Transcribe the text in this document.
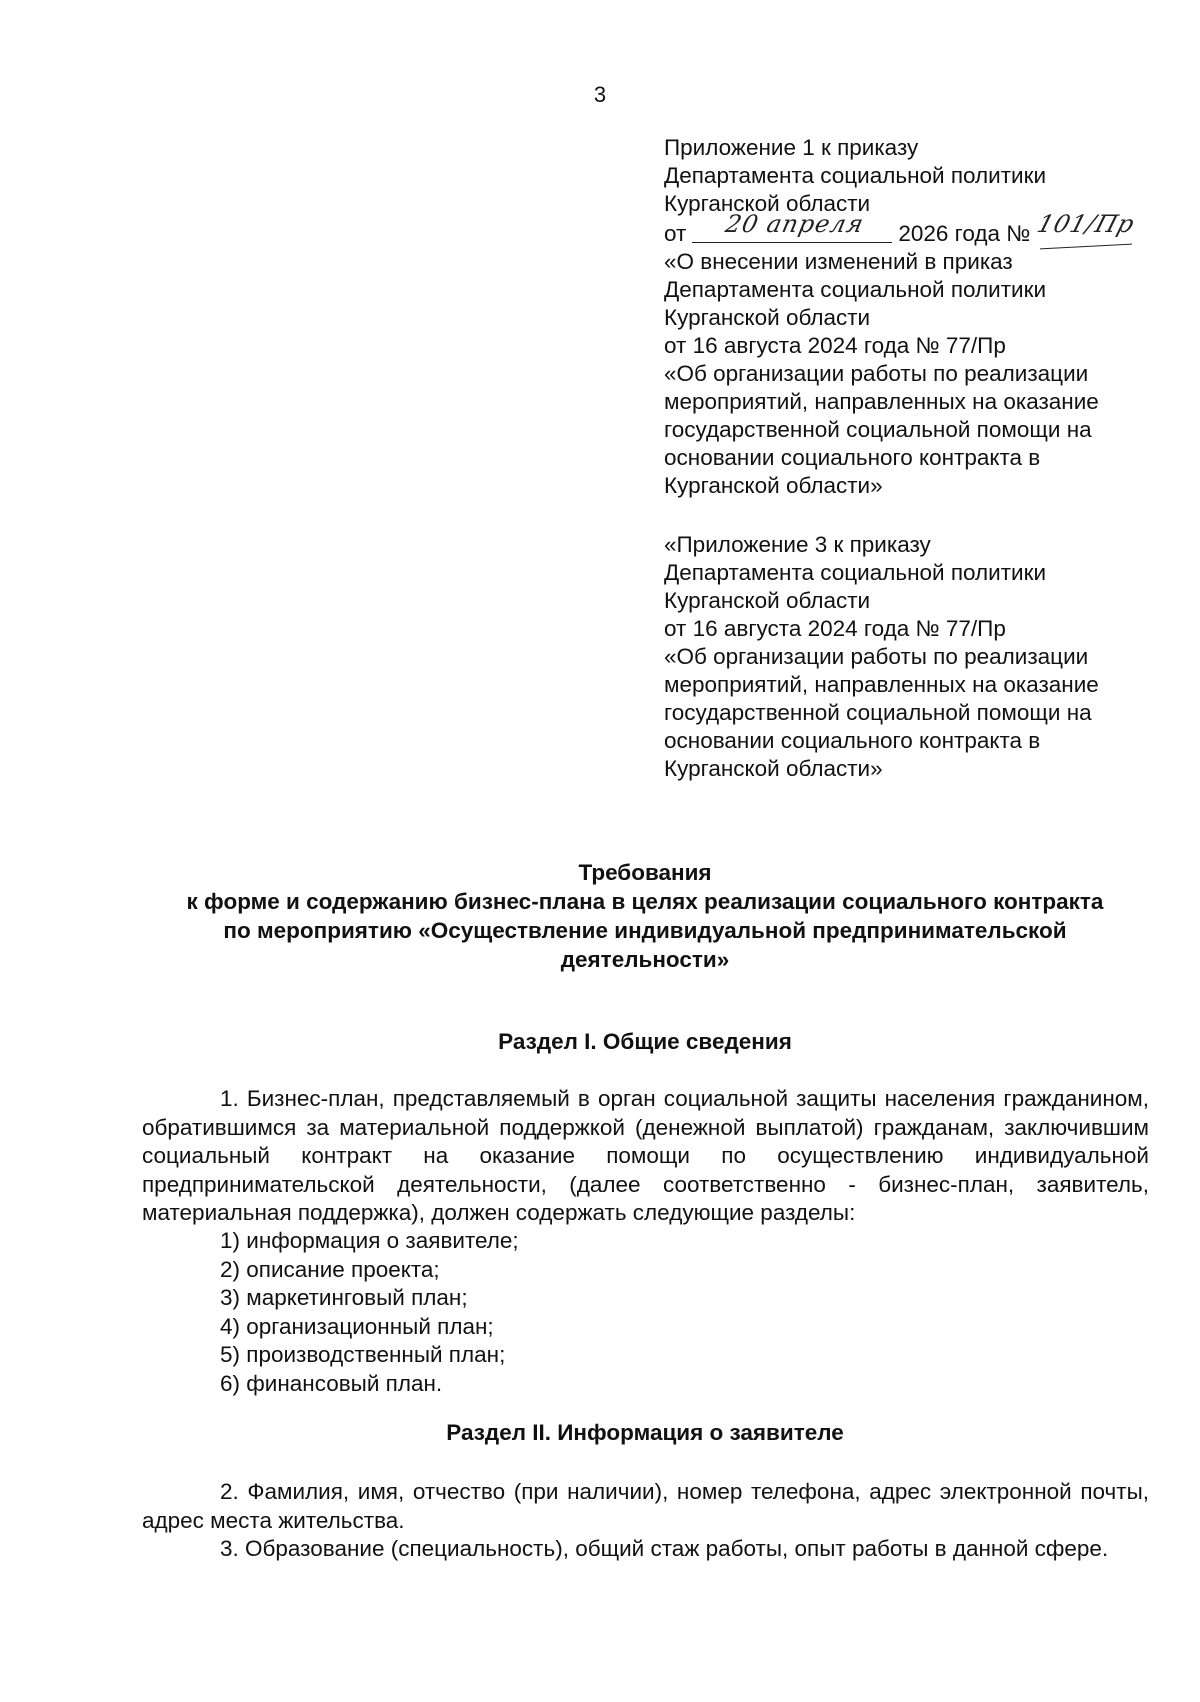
3
Приложение 1 к приказу
Департамента социальной политики
Курганской области
от 20 апреля 2026 года № 101/Пр
«О внесении изменений в приказ
Департамента социальной политики
Курганской области
от 16 августа 2024 года № 77/Пр
«Об организации работы по реализации
мероприятий, направленных на оказание
государственной социальной помощи на
основании социального контракта в
Курганской области»
«Приложение 3 к приказу
Департамента социальной политики
Курганской области
от 16 августа 2024 года № 77/Пр
«Об организации работы по реализации
мероприятий, направленных на оказание
государственной социальной помощи на
основании социального контракта в
Курганской области»
Требования
к форме и содержанию бизнес-плана в целях реализации социального контракта
по мероприятию «Осуществление индивидуальной предпринимательской
деятельности»
Раздел I. Общие сведения
1. Бизнес-план, представляемый в орган социальной защиты населения гражданином, обратившимся за материальной поддержкой (денежной выплатой) гражданам, заключившим социальный контракт на оказание помощи по осуществлению индивидуальной предпринимательской деятельности, (далее соответственно - бизнес-план, заявитель, материальная поддержка), должен содержать следующие разделы:
1) информация о заявителе;
2) описание проекта;
3) маркетинговый план;
4) организационный план;
5) производственный план;
6) финансовый план.
Раздел II. Информация о заявителе
2. Фамилия, имя, отчество (при наличии), номер телефона, адрес электронной почты, адрес места жительства.
3. Образование (специальность), общий стаж работы, опыт работы в данной сфере.
